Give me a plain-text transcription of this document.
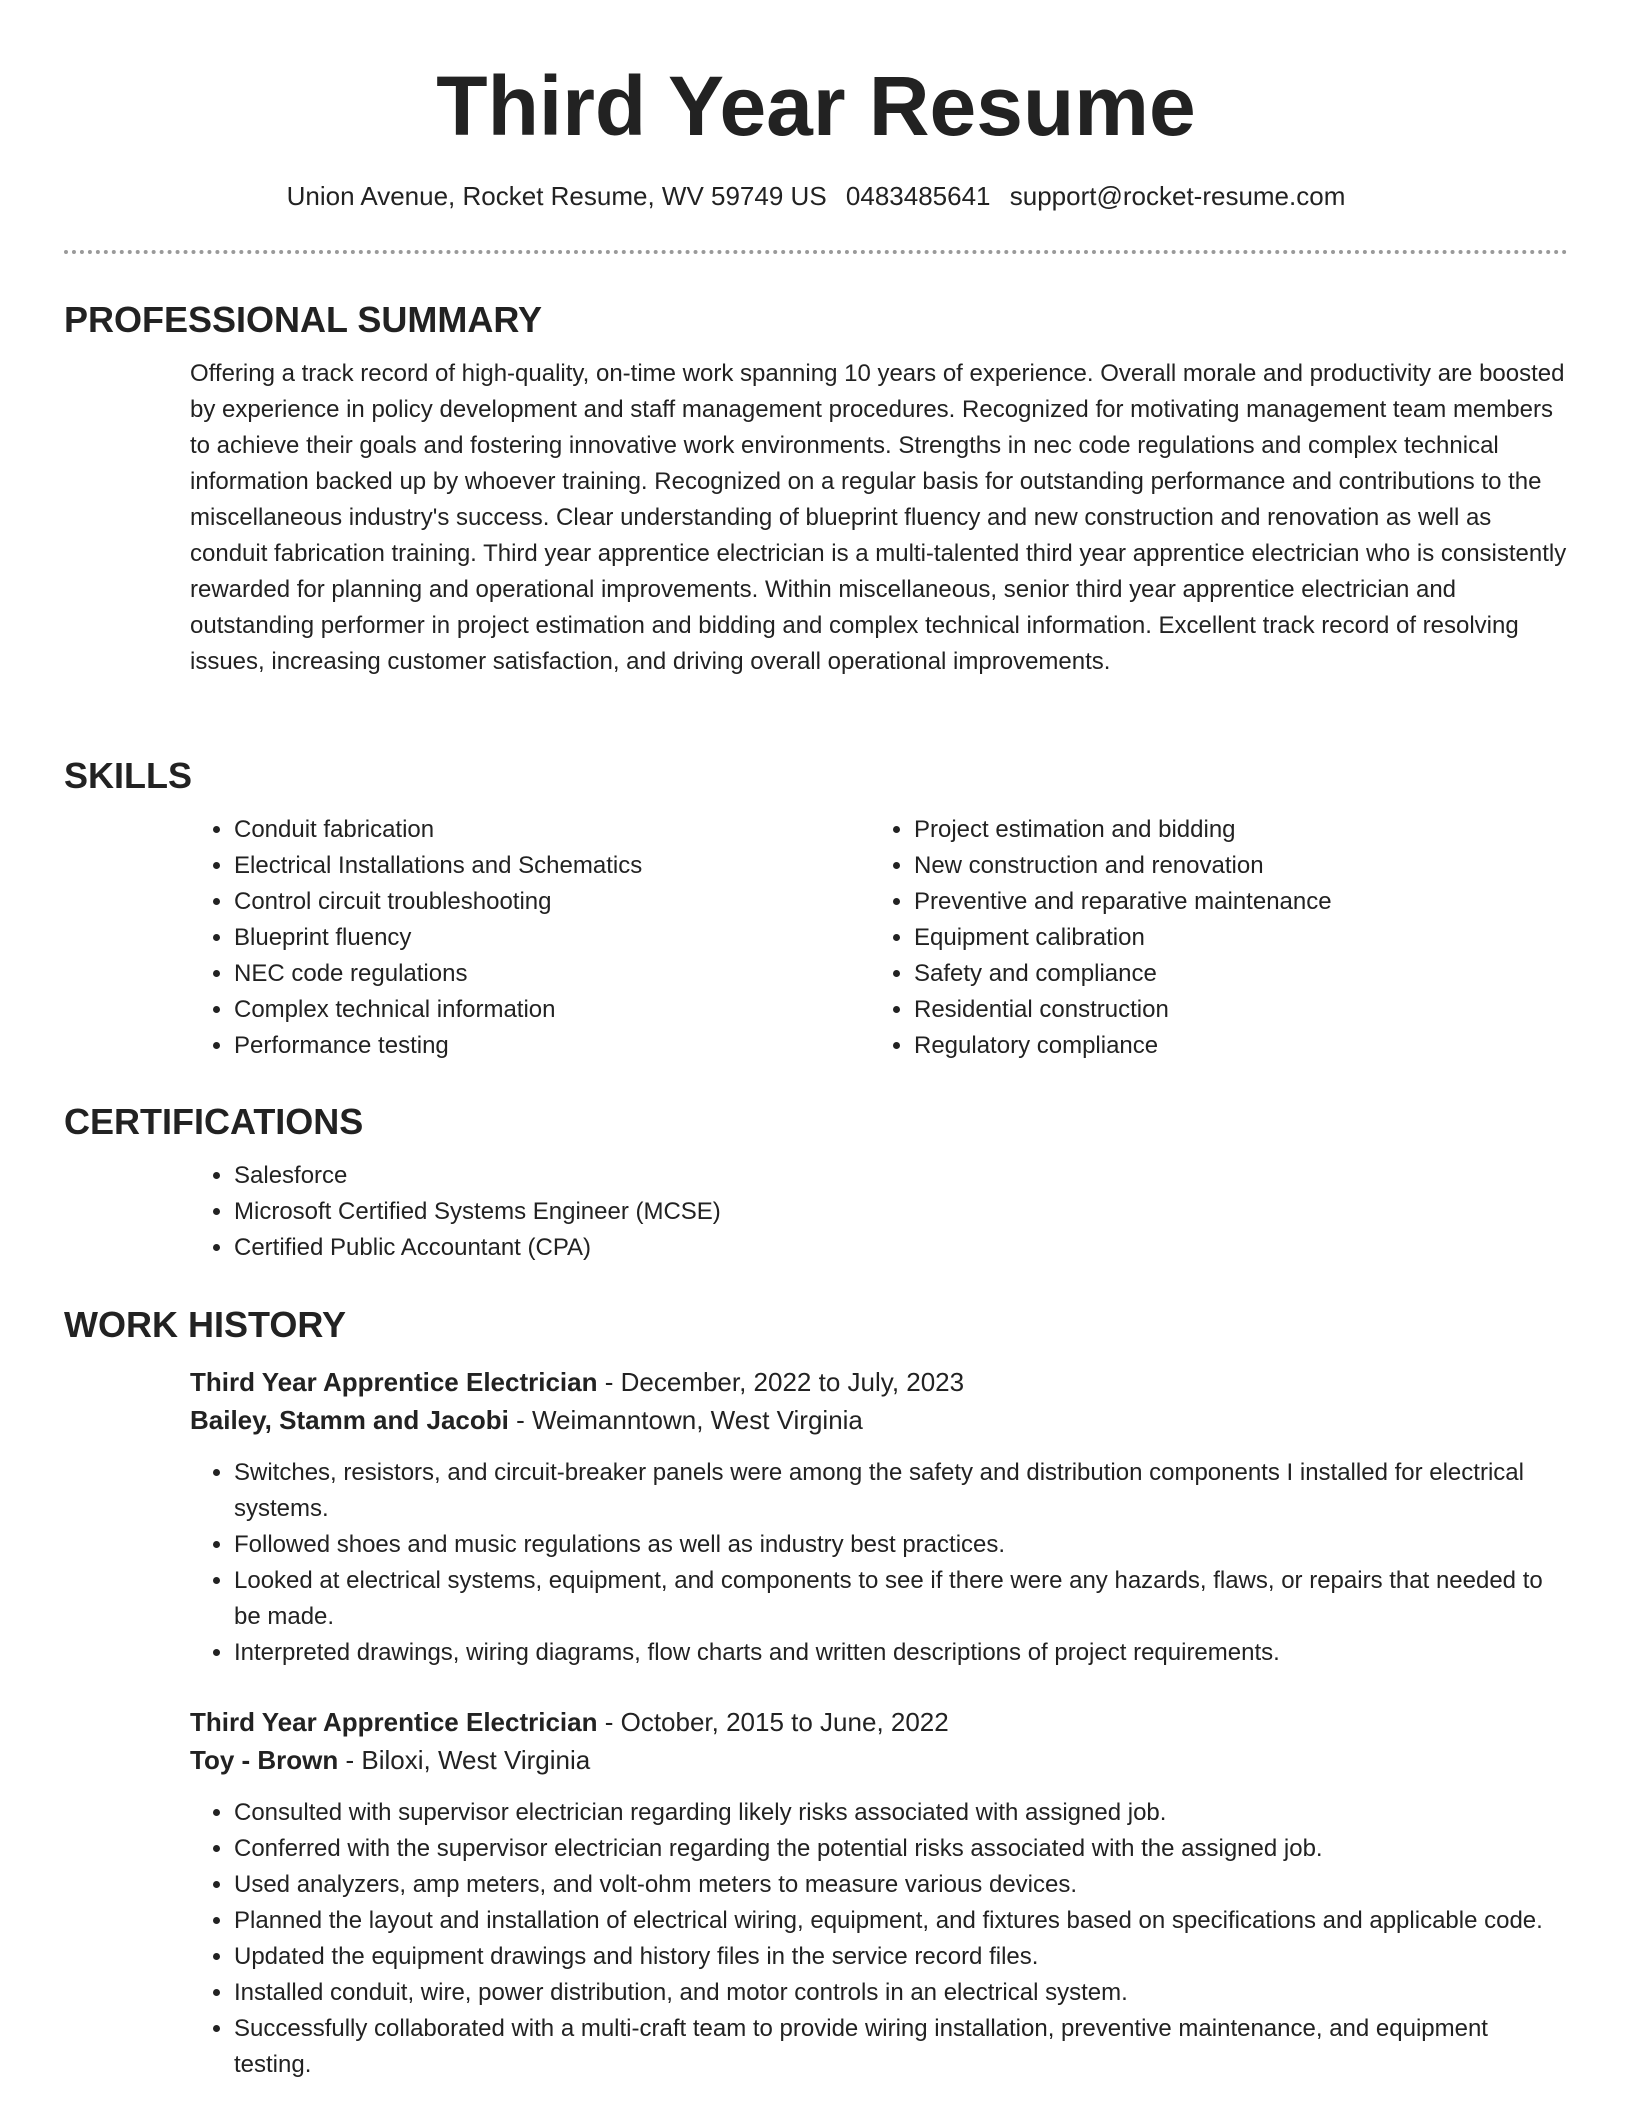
Third Year Resume
Union Avenue, Rocket Resume, WV 59749 US 0483485641 support@rocket-resume.com
PROFESSIONAL SUMMARY

Offering a track record of high-quality, on-time work spanning 10 years of experience. Overall morale and productivity are boosted by experience in policy development and staff management procedures. Recognized for motivating management team members to achieve their goals and fostering innovative work environments. Strengths in nec code regulations and complex technical information backed up by whoever training. Recognized on a regular basis for outstanding performance and contributions to the miscellaneous industry's success. Clear understanding of blueprint fluency and new construction and renovation as well as conduit fabrication training. Third year apprentice electrician is a multi-talented third year apprentice electrician who is consistently rewarded for planning and operational improvements. Within miscellaneous, senior third year apprentice electrician and outstanding performer in project estimation and bidding and complex technical information. Excellent track record of resolving issues, increasing customer satisfaction, and driving overall operational improvements.

SKILLS
• Conduit fabrication
• Electrical Installations and Schematics
• Control circuit troubleshooting
• Blueprint fluency
• NEC code regulations
• Complex technical information
• Performance testing
• Project estimation and bidding
• New construction and renovation
• Preventive and reparative maintenance
• Equipment calibration
• Safety and compliance
• Residential construction
• Regulatory compliance
CERTIFICATIONS
• Salesforce
• Microsoft Certified Systems Engineer (MCSE)
• Certified Public Accountant (CPA)
WORK HISTORY

Third Year Apprentice Electrician - December, 2022 to July, 2023

Bailey, Stamm and Jacobi - Weimanntown, West Virginia

• Switches, resistors, and circuit-breaker panels were among the safety and distribution components I installed for electrical systems.
• Followed shoes and music regulations as well as industry best practices.
• Looked at electrical systems, equipment, and components to see if there were any hazards, flaws, or repairs that needed to be made.
• Interpreted drawings, wiring diagrams, flow charts and written descriptions of project requirements.

Third Year Apprentice Electrician - October, 2015 to June, 2022

Toy - Brown - Biloxi, West Virginia

• Consulted with supervisor electrician regarding likely risks associated with assigned job.
• Conferred with the supervisor electrician regarding the potential risks associated with the assigned job.
• Used analyzers, amp meters, and volt-ohm meters to measure various devices.
• Planned the layout and installation of electrical wiring, equipment, and fixtures based on specifications and applicable code.
• Updated the equipment drawings and history files in the service record files.
• Installed conduit, wire, power distribution, and motor controls in an electrical system.
• Successfully collaborated with a multi-craft team to provide wiring installation, preventive maintenance, and equipment testing.
